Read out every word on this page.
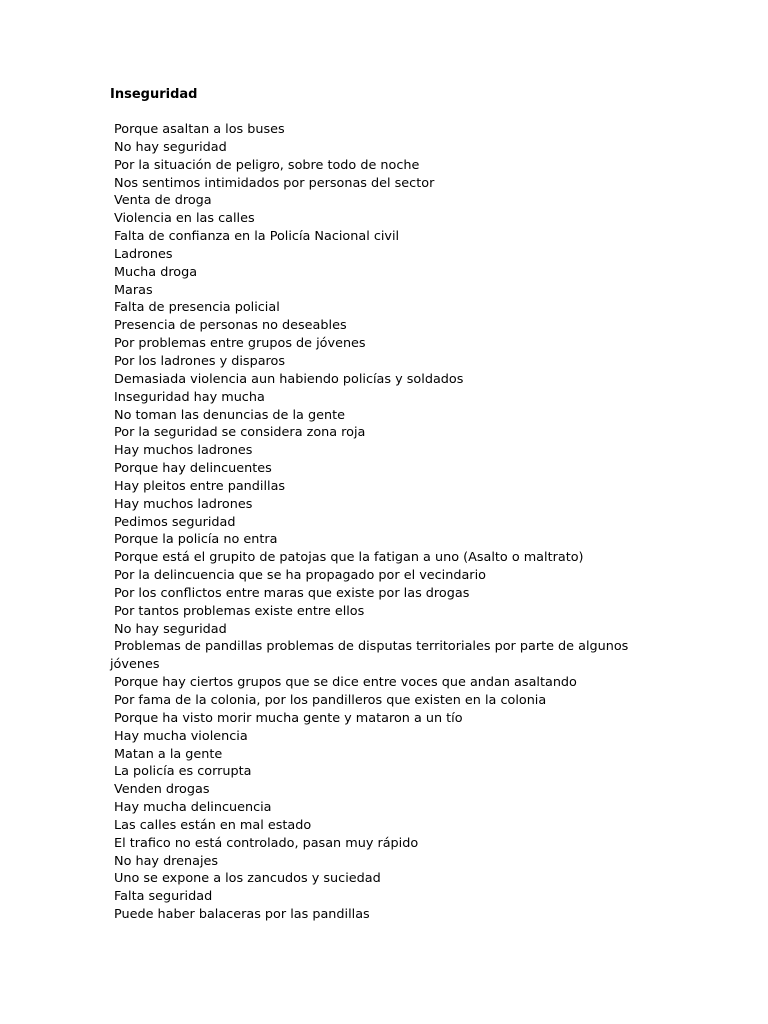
Inseguridad
Porque asaltan a los buses
No hay seguridad
Por la situación de peligro, sobre todo de noche
Nos sentimos intimidados por personas del sector
Venta de droga
Violencia en las calles
Falta de confianza en la Policía Nacional civil
Ladrones
Mucha droga
Maras
Falta de presencia policial
Presencia de personas no deseables
Por problemas entre grupos de jóvenes
Por los ladrones y disparos
Demasiada violencia aun habiendo policías y soldados
Inseguridad hay mucha
No toman las denuncias de la gente
Por la seguridad se considera zona roja
Hay muchos ladrones
Porque hay delincuentes
Hay pleitos entre pandillas
Hay muchos ladrones
Pedimos seguridad
Porque la policía no entra
Porque está el grupito de patojas que la fatigan a uno (Asalto o maltrato)
Por la delincuencia que se ha propagado por el vecindario
Por los conflictos entre maras que existe por las drogas
Por tantos problemas existe entre ellos
No hay seguridad
Problemas de pandillas problemas de disputas territoriales por parte de algunos
jóvenes
Porque hay ciertos grupos que se dice entre voces que andan asaltando
Por fama de la colonia, por los pandilleros que existen en la colonia
Porque ha visto morir mucha gente y mataron a un tío
Hay mucha violencia
Matan a la gente
La policía es corrupta
Venden drogas
Hay mucha delincuencia
Las calles están en mal estado
El trafico no está controlado, pasan muy rápido
No hay drenajes
Uno se expone a los zancudos y suciedad
Falta seguridad
Puede haber balaceras por las pandillas
